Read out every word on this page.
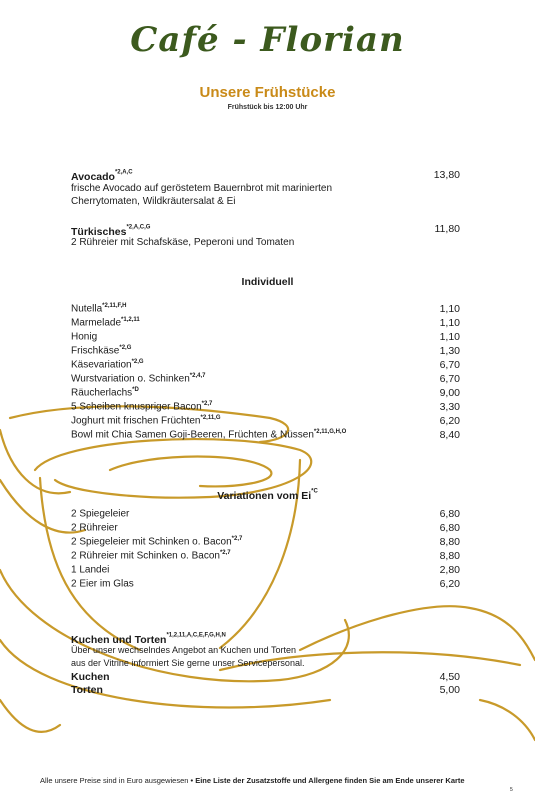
Café - Florian
Unsere Frühstücke
Frühstück bis 12:00 Uhr
Avocado$^{*2,A,C}$
frische Avocado auf geröstetem Bauernbrot mit marinierten
Cherrytomaten, Wildkräutersalat & Ei
13,80
Türkisches$^{*2,A,C,G}$
2 Rühreier mit Schafskäse, Peperoni und Tomaten
11,80
Individuell
Nutella$^{*2,11,F,H}$	1,10
Marmelade$^{*1,2,11}$	1,10
Honig	1,10
Frischkäse$^{*2,G}$	1,30
Käsevariation$^{*2,G}$	6,70
Wurstvariation o. Schinken$^{*2,4,7}$	6,70
Räucherlachs$^{*D}$	9,00
5 Scheiben knuspriger Bacon$^{*2,7}$	3,30
Joghurt mit frischen Früchten$^{*2,11,G}$	6,20
Bowl mit Chia Samen Goji-Beeren, Früchten & Nüssen$^{*2,11,G,H,O}$	8,40
Variationen vom $Ei^{*C}$
2 Spiegeleier	6,80
2 Rühreier	6,80
2 Spiegeleier mit Schinken o. Bacon$^{*2,7}$	8,80
2 Rühreier mit Schinken o. Bacon$^{*2,7}$	8,80
1 Landei	2,80
2 Eier im Glas	6,20
Kuchen und Torten$^{*1,2,11,A,C,E,F,G,H,N}$
Über unser wechselndes Angebot an Kuchen und Torten
aus der Vitrine informiert Sie gerne unser Servicepersonal.
Kuchen	4,50
Torten	5,00
Alle unsere Preise sind in Euro ausgewiesen • Eine Liste der Zusatzstoffe und Allergene finden Sie am Ende unserer Karte
5
